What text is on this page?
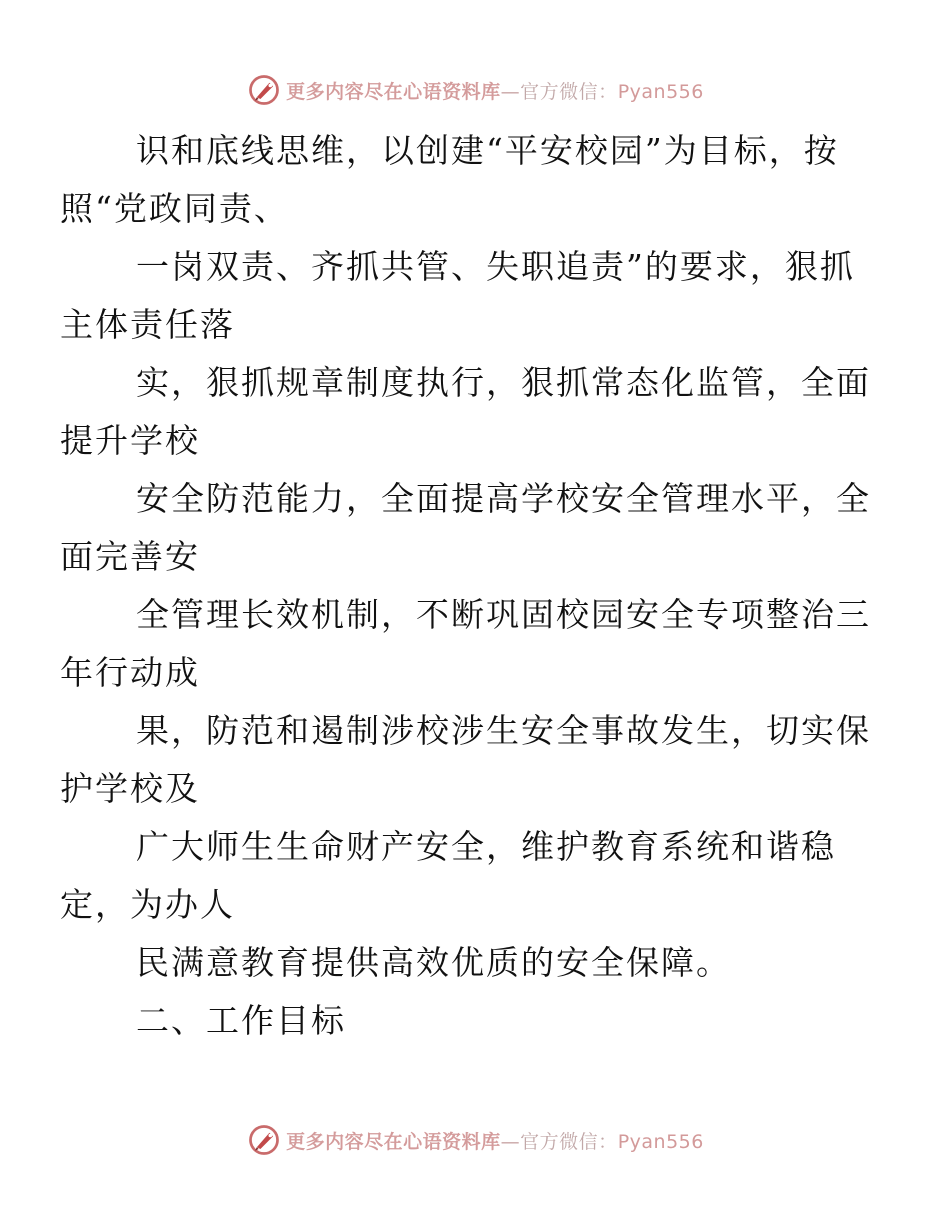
更多内容尽在心语资料库—官方微信：Pyan556

识和底线思维，以创建“平安校园”为目标，按
照“党政同责、

一岗双责、齐抓共管、失职追责”的要求，狠抓
主体责任落

实，狠抓规章制度执行，狠抓常态化监管，全面
提升学校

安全防范能力，全面提高学校安全管理水平，全
面完善安

全管理长效机制，不断巩固校园安全专项整治三
年行动成

果，防范和遏制涉校涉生安全事故发生，切实保
护学校及

广大师生生命财产安全，维护教育系统和谐稳
定，为办人

民满意教育提供高效优质的安全保障。

二、工作目标

更多内容尽在心语资料库—官方微信：Pyan556
